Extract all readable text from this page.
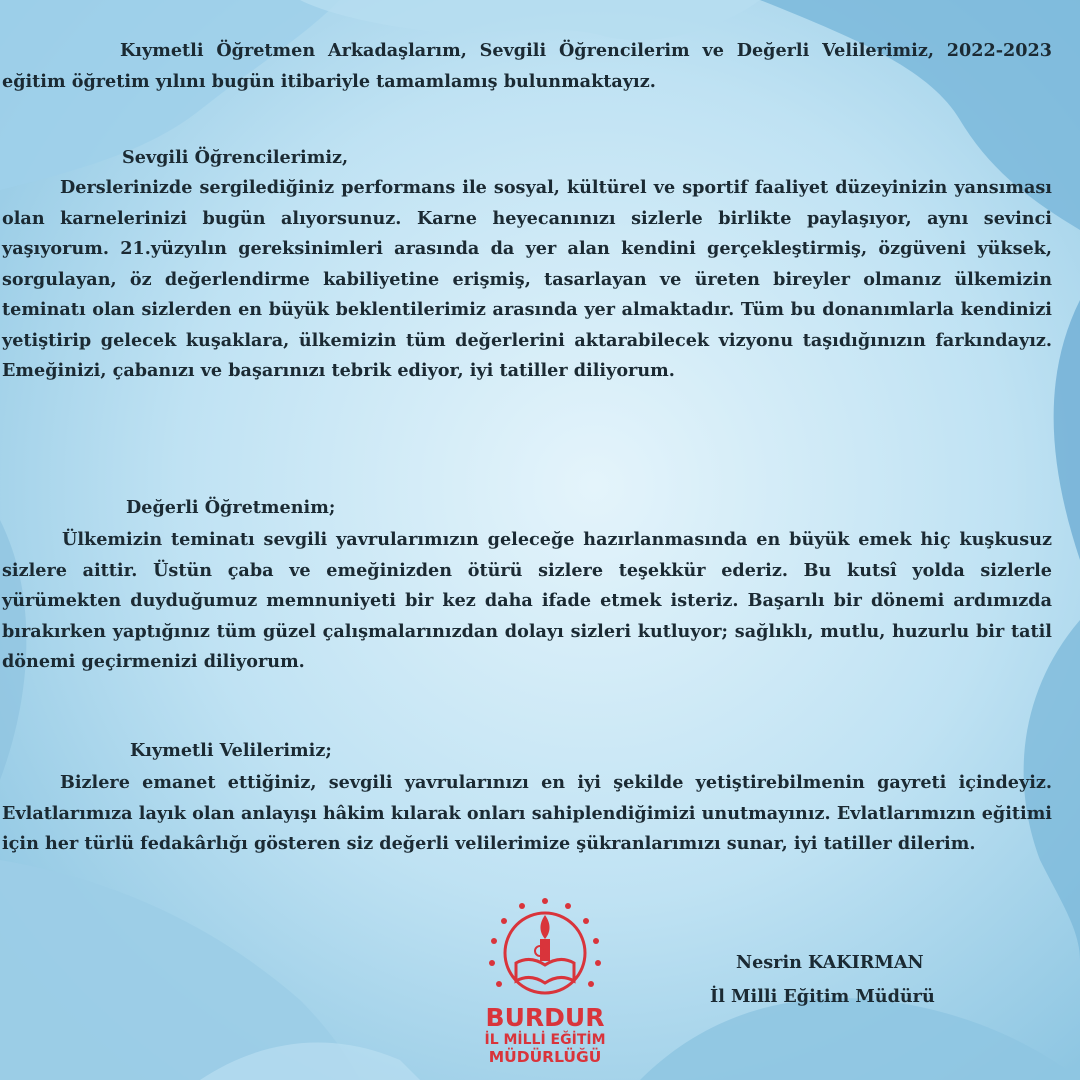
Kıymetli Öğretmen Arkadaşlarım, Sevgili Öğrencilerim ve Değerli Velilerimiz, 2022-2023 eğitim öğretim yılını bugün itibariyle tamamlamış bulunmaktayız.

Sevgili Öğrencilerimiz,

Derslerinizde sergilediğiniz performans ile sosyal, kültürel ve sportif faaliyet düzeyinizin yansıması olan karnelerinizi bugün alıyorsunuz. Karne heyecanınızı sizlerle birlikte paylaşıyor, aynı sevinci yaşıyorum. 21.yüzyılın gereksinimleri arasında da yer alan kendini gerçekleştirmiş, özgüveni yüksek, sorgulayan, öz değerlendirme kabiliyetine erişmiş, tasarlayan ve üreten bireyler olmanız ülkemizin teminatı olan sizlerden en büyük beklentilerimiz arasında yer almaktadır. Tüm bu donanımlarla kendinizi yetiştirip gelecek kuşaklara, ülkemizin tüm değerlerini aktarabilecek vizyonu taşıdığınızın farkındayız. Emeğinizi, çabanızı ve başarınızı tebrik ediyor, iyi tatiller diliyorum.

Değerli Öğretmenim;

Ülkemizin teminatı sevgili yavrularımızın geleceğe hazırlanmasında en büyük emek hiç kuşkusuz sizlere aittir. Üstün çaba ve emeğinizden ötürü sizlere teşekkür ederiz. Bu kutsî yolda sizlerle yürümekten duyduğumuz memnuniyeti bir kez daha ifade etmek isteriz. Başarılı bir dönemi ardımızda bırakırken yaptığınız tüm güzel çalışmalarınızdan dolayı sizleri kutluyor; sağlıklı, mutlu, huzurlu bir tatil dönemi geçirmenizi diliyorum.

Kıymetli Velilerimiz;

Bizlere emanet ettiğiniz, sevgili yavrularınızı en iyi şekilde yetiştirebilmenin gayreti içindeyiz. Evlatlarımıza layık olan anlayışı hâkim kılarak onları sahiplendiğimizi unutmayınız. Evlatlarımızın eğitimi için her türlü fedakârlığı gösteren siz değerli velilerimize şükranlarımızı sunar, iyi tatiller dilerim.

Nesrin KAKIRMAN
İl Milli Eğitim Müdürü
BURDUR
İL MİLLİ EĞİTİM
MÜDÜRLÜĞÜ
